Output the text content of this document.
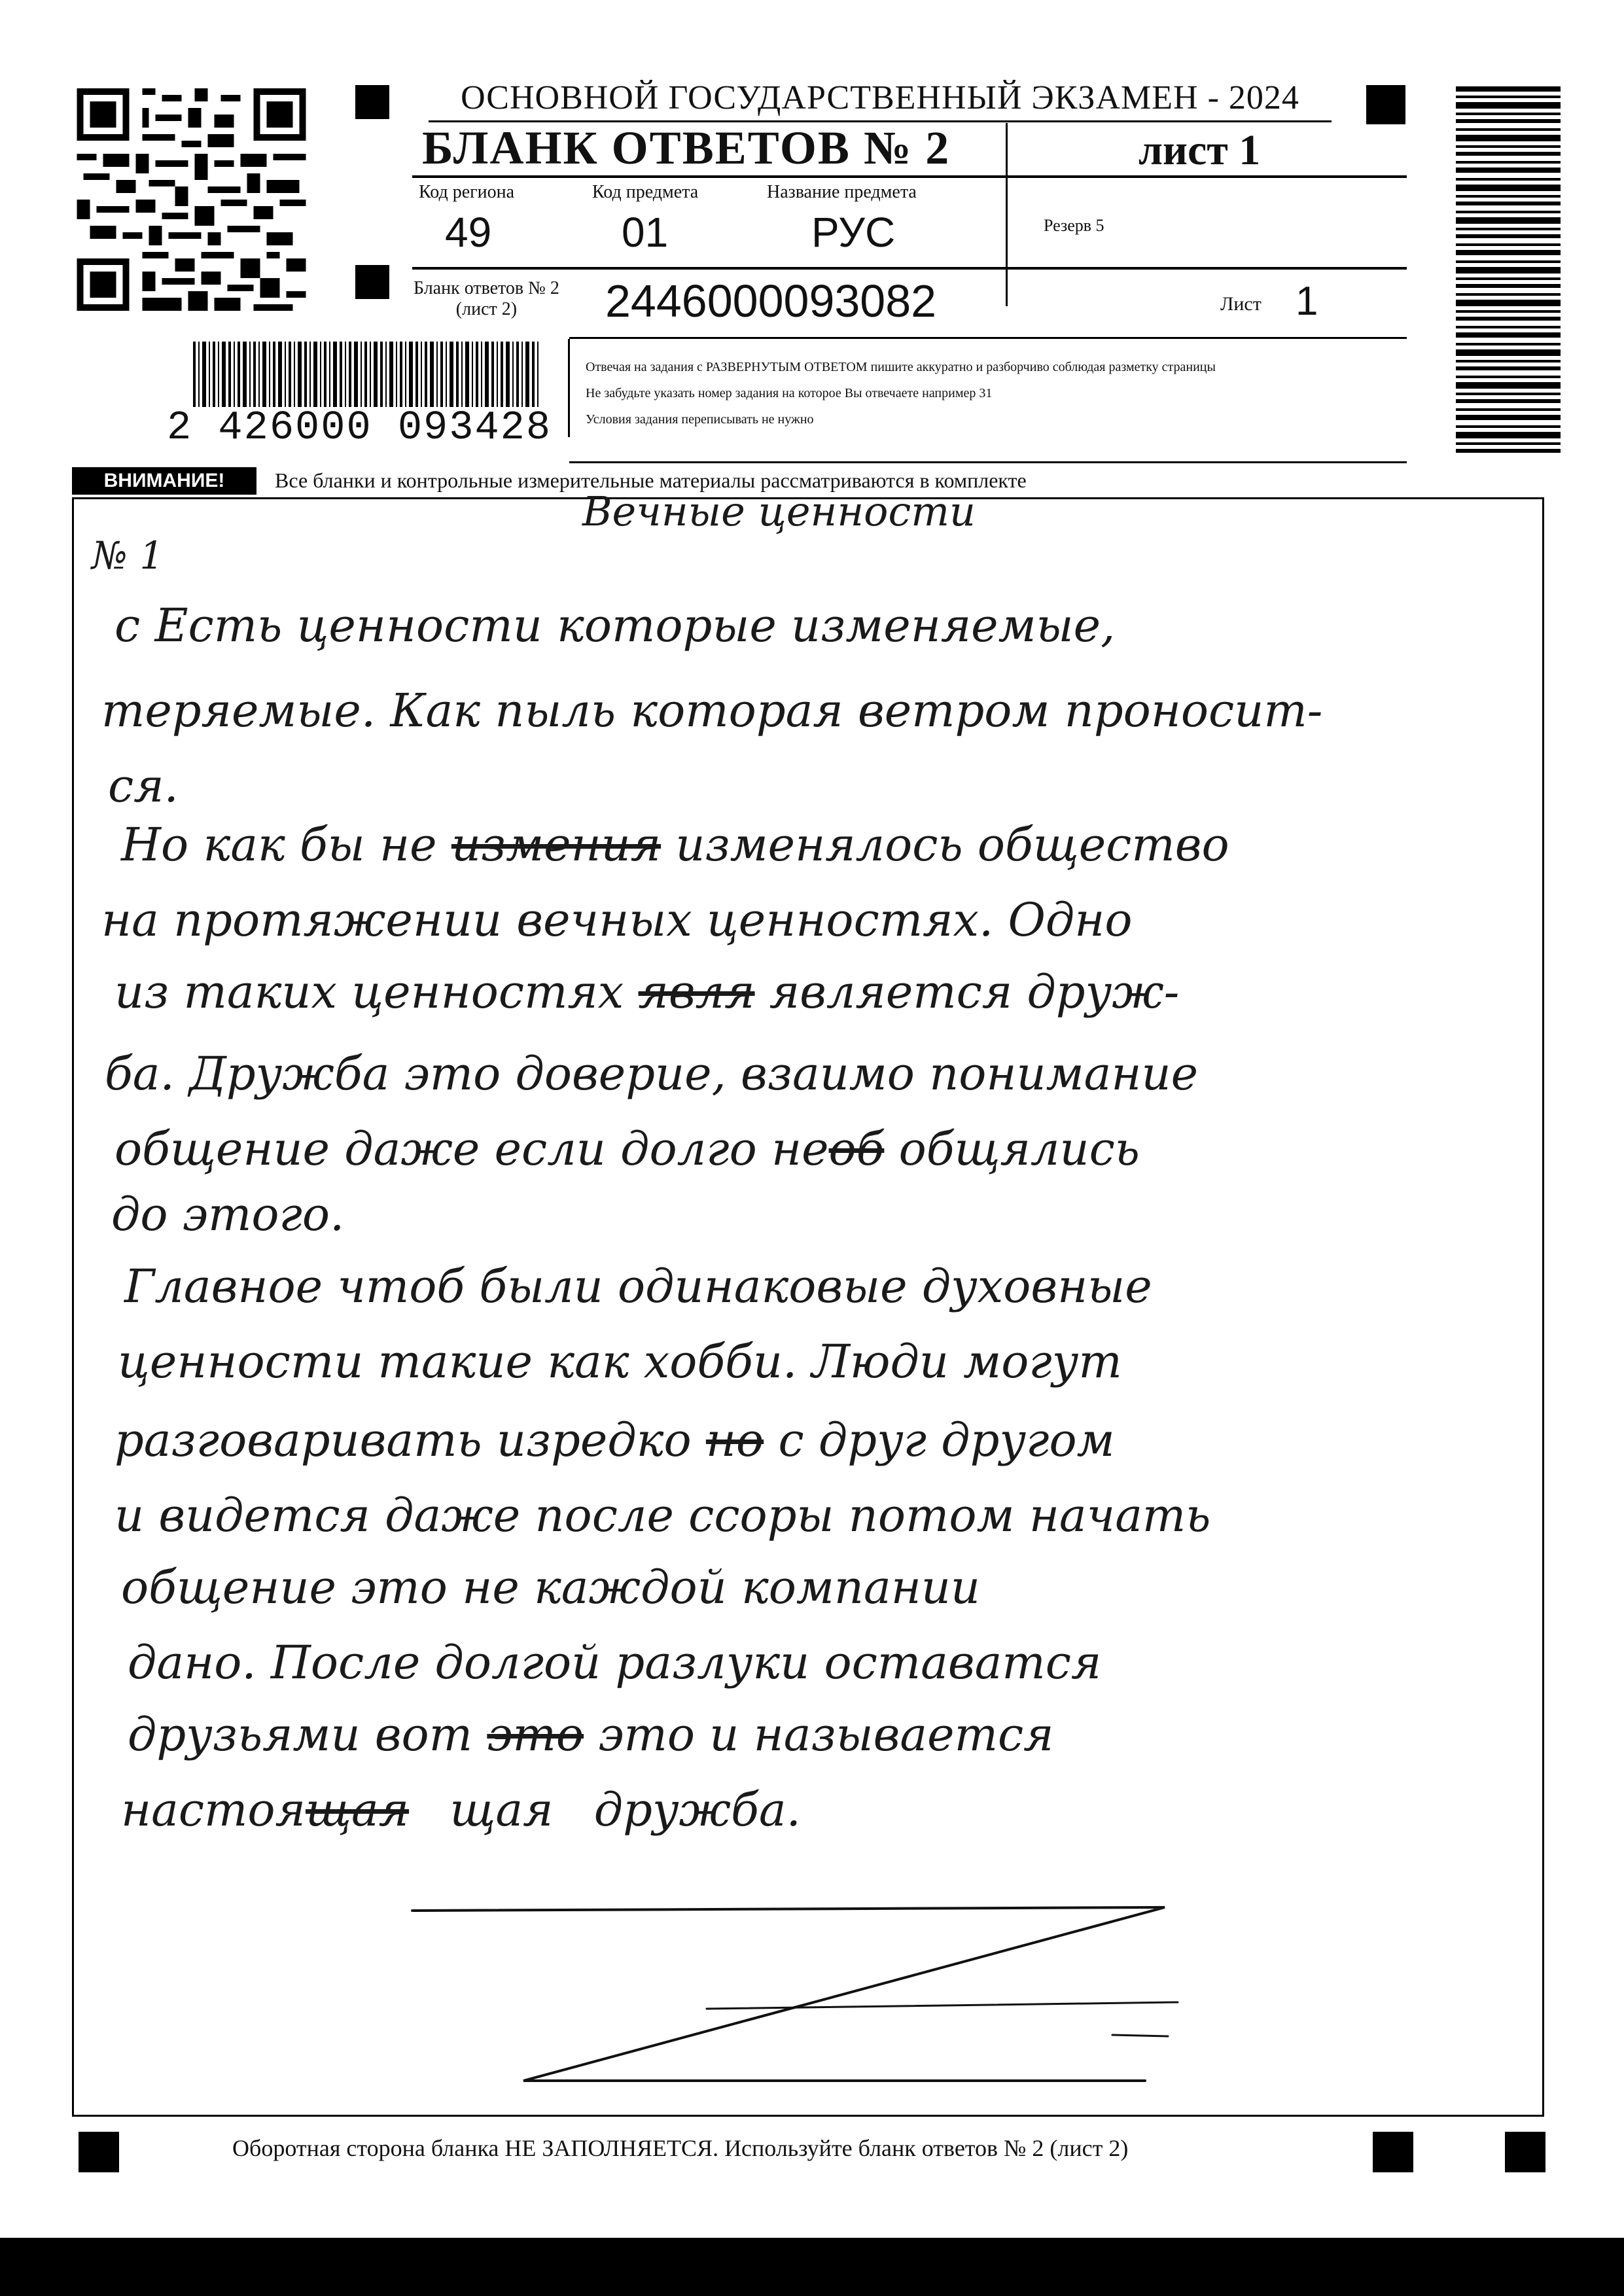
ОСНОВНОЙ ГОСУДАРСТВЕННЫЙ ЭКЗАМЕН - 2024
БЛАНК ОТВЕТОВ № 2	лист 1
Код региона	Код предмета	Название предмета
49	01	РУС	Резерв 5
Бланк ответов № 2
(лист 2)	2446000093082	Лист 1
Отвечая на задания с РАЗВЕРНУТЫМ ОТВЕТОМ пишите аккуратно и разборчиво соблюдая разметку страницы
Не забудьте указать номер задания на которое Вы отвечаете например 31
Условия задания переписывать не нужно
2 426000 093428
ВНИМАНИЕ!	Все бланки и контрольные измерительные материалы рассматриваются в комплекте
Вечные ценности
№ 1
с Есть ценности которые изменяемые,
теряемые. Как пыль которая ветром проносит-
ся.
Но как бы не измения изменялось общество
на протяжении вечных ценностях. Одно
из таких ценностях явля является друж-
ба. Дружба это доверие, взаимо понимание
общение даже если долго необ общялись
до этого.
Главное чтоб были одинаковые духовные
ценности такие как хобби. Люди могут
разговаривать изредко но с друг другом
и видется даже после ссоры потом начать
общение это не каждой компании
дано. После долгой разлуки оставатся
друзьями вот это это и называется
настоящая щая дружба.
Оборотная сторона бланка НЕ ЗАПОЛНЯЕТСЯ. Используйте бланк ответов № 2 (лист 2)
